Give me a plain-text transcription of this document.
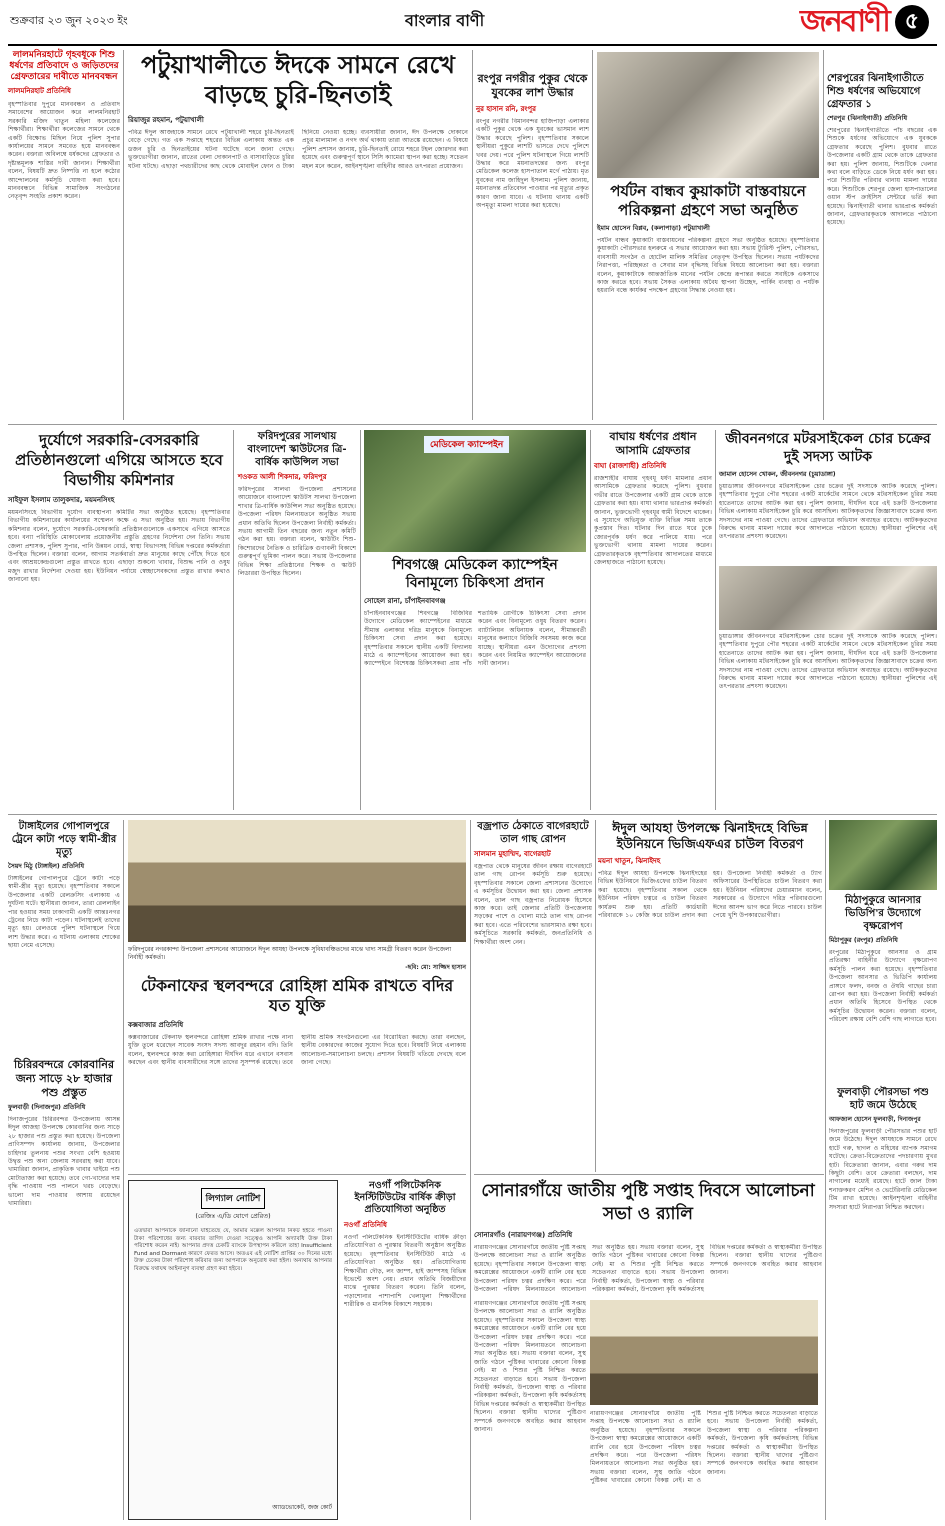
শুক্রবার ২৩ জুন ২০২৩ ইং	বাংলার বাণী	জনবাণী ৫
লালমনিরহাটে গৃহবধূকে শিশু ধর্ষণের প্রতিবাদে ও জড়িতদের গ্রেফতারের দাবীতে মানববন্ধন
লালমনিরহাট প্রতিনিধি
বৃহস্পতিবার দুপুরে মানববন্ধন ও প্রতিবাদ সমাবেশের আয়োজন করে লালমনিরহাট সরকারি মজিদ খাতুন মহিলা কলেজের শিক্ষার্থীরা। শিক্ষার্থীরা কলেজের সামনে থেকে একটি বিক্ষোভ মিছিল নিয়ে পুলিশ সুপার কার্যালয়ের সামনে সমবেত হয়ে মানববন্ধন করেন। বক্তারা অবিলম্বে ধর্ষকদের গ্রেফতার ও দৃষ্টান্তমূলক শাস্তির দাবী জানান। শিক্ষার্থীরা বলেন, বিষয়টি দ্রুত নিষ্পত্তি না হলে কঠোর আন্দোলনের কর্মসূচি ঘোষণা করা হবে। মানববন্ধনে বিভিন্ন সামাজিক সংগঠনের নেতৃবৃন্দ সংহতি প্রকাশ করেন।
পটুয়াখালীতে ঈদকে সামনে রেখে বাড়ছে চুরি-ছিনতাই
রিয়াজুর রহমান, পটুয়াখালী
পবিত্র ঈদুল আজহাকে সামনে রেখে পটুয়াখালী শহরে চুরি-ছিনতাই বেড়ে গেছে। গত এক সপ্তাহে শহরের বিভিন্ন এলাকায় অন্তত এক ডজন চুরি ও ছিনতাইয়ের ঘটনা ঘটেছে বলে জানা গেছে। ভুক্তভোগীরা জানান, রাতের বেলা দোকানপাট ও বাসাবাড়িতে চুরির ঘটনা ঘটছে। এছাড়া পথচারীদের কাছ থেকে মোবাইল ফোন ও টাকা ছিনিয়ে নেওয়া হচ্ছে। ব্যবসায়ীরা জানান, ঈদ উপলক্ষে দোকানে প্রচুর মালামাল ও নগদ অর্থ থাকায় তারা আতঙ্কে রয়েছেন। এ বিষয়ে পুলিশ প্রশাসন জানায়, চুরি-ছিনতাই রোধে শহরে টহল জোরদার করা হয়েছে এবং গুরুত্বপূর্ণ স্থানে সিসি ক্যামেরা স্থাপন করা হচ্ছে। সচেতন মহল মনে করেন, আইনশৃঙ্খলা বাহিনীর আরও তৎপরতা প্রয়োজন।
রংপুর নগরীর পুকুর থেকে যুবকের লাশ উদ্ধার
নুর হাসান রনি, রংপুর
রংপুর নগরীর বিমানবন্দর হাজিপাড়া এলাকার একটি পুকুর থেকে এক যুবকের ভাসমান লাশ উদ্ধার করেছে পুলিশ। বৃহস্পতিবার সকালে স্থানীয়রা পুকুরে লাশটি ভাসতে দেখে পুলিশে খবর দেয়। পরে পুলিশ ঘটনাস্থলে গিয়ে লাশটি উদ্ধার করে ময়নাতদন্তের জন্য রংপুর মেডিকেল কলেজ হাসপাতাল মর্গে পাঠায়। মৃত যুবকের নাম জাহিদুল ইসলাম। পুলিশ জানায়, ময়নাতদন্ত প্রতিবেদন পাওয়ার পর মৃত্যুর প্রকৃত কারণ জানা যাবে। এ ঘটনায় থানায় একটি অপমৃত্যু মামলা দায়ের করা হয়েছে।
পর্যটন বান্ধব কুয়াকাটা বাস্তবায়নে পরিকল্পনা গ্রহণে সভা অনুষ্ঠিত
ইমাম হোসেন বিপ্লব, (কলাপাড়া) পটুয়াখালী
পর্যটন বান্ধব কুয়াকাটা বাস্তবায়নের পরিকল্পনা গ্রহণে সভা অনুষ্ঠিত হয়েছে। বৃহস্পতিবার কুয়াকাটা পৌরসভার হলরুমে এ সভার আয়োজন করা হয়। সভায় ট্যুরিস্ট পুলিশ, পৌরসভা, ব্যবসায়ী সংগঠন ও হোটেল মালিক সমিতির নেতৃবৃন্দ উপস্থিত ছিলেন। সভায় পর্যটকদের নিরাপত্তা, পরিচ্ছন্নতা ও সেবার মান বৃদ্ধিসহ বিভিন্ন বিষয়ে আলোচনা করা হয়। বক্তারা বলেন, কুয়াকাটাকে আন্তর্জাতিক মানের পর্যটন কেন্দ্রে রূপান্তর করতে সবাইকে একসাথে কাজ করতে হবে। সভায় সৈকত এলাকায় অবৈধ স্থাপনা উচ্ছেদ, পার্কিং ব্যবস্থা ও পর্যটক হয়রানি বন্ধে কার্যকর পদক্ষেপ গ্রহণের সিদ্ধান্ত নেওয়া হয়।
শেরপুরের ঝিনাইগাতীতে শিশু ধর্ষণের অভিযোগে গ্রেফতার ১
শেরপুর (ঝিনাইগাতী) প্রতিনিধি
শেরপুরের ঝিনাইগাতীতে পাঁচ বছরের এক শিশুকে ধর্ষণের অভিযোগে এক যুবককে গ্রেফতার করেছে পুলিশ। বুধবার রাতে উপজেলার একটি গ্রাম থেকে তাকে গ্রেফতার করা হয়। পুলিশ জানায়, শিশুটিকে খেলার কথা বলে বাড়িতে ডেকে নিয়ে ধর্ষণ করা হয়। পরে শিশুটির পরিবার থানায় মামলা দায়ের করে। শিশুটিকে শেরপুর জেলা হাসপাতালের ওয়ান স্টপ ক্রাইসিস সেন্টারে ভর্তি করা হয়েছে। ঝিনাইগাতী থানার ভারপ্রাপ্ত কর্মকর্তা জানান, গ্রেফতারকৃতকে আদালতে পাঠানো হয়েছে।
দুর্যোগে সরকারি-বেসরকারি প্রতিষ্ঠানগুলো এগিয়ে আসতে হবে বিভাগীয় কমিশনার
সাইফুল ইসলাম তালুকদার, ময়মনসিংহ
ময়মনসিংহে বিভাগীয় দুর্যোগ ব্যবস্থাপনা কমিটির সভা অনুষ্ঠিত হয়েছে। বৃহস্পতিবার বিভাগীয় কমিশনারের কার্যালয়ের সম্মেলন কক্ষে এ সভা অনুষ্ঠিত হয়। সভায় বিভাগীয় কমিশনার বলেন, দুর্যোগে সরকারি-বেসরকারি প্রতিষ্ঠানগুলোকে একসাথে এগিয়ে আসতে হবে। বন্যা পরিস্থিতি মোকাবেলায় প্রয়োজনীয় প্রস্তুতি গ্রহণের নির্দেশনা দেন তিনি। সভায় জেলা প্রশাসক, পুলিশ সুপার, পানি উন্নয়ন বোর্ড, স্বাস্থ্য বিভাগসহ বিভিন্ন দপ্তরের কর্মকর্তারা উপস্থিত ছিলেন। বক্তারা বলেন, আগাম সতর্কবার্তা দ্রুত মানুষের কাছে পৌঁছে দিতে হবে এবং আশ্রয়কেন্দ্রগুলো প্রস্তুত রাখতে হবে। এছাড়া শুকনো খাবার, বিশুদ্ধ পানি ও ওষুধ মজুদ রাখার নির্দেশনা দেওয়া হয়। ইউনিয়ন পর্যায়ে স্বেচ্ছাসেবকদের প্রস্তুত রাখার কথাও জানানো হয়।
ফরিদপুরের সালথায় বাংলাদেশ স্কাউটসের ত্রি-বার্ষিক কাউন্সিল সভা
শওকত আলী শিকদার, ফরিদপুর
ফরিদপুরের সালথা উপজেলা প্রশাসনের আয়োজনে বাংলাদেশ স্কাউটস সালথা উপজেলা শাখার ত্রি-বার্ষিক কাউন্সিল সভা অনুষ্ঠিত হয়েছে। উপজেলা পরিষদ মিলনায়তনে অনুষ্ঠিত সভায় প্রধান অতিথি ছিলেন উপজেলা নির্বাহী কর্মকর্তা। সভায় আগামী তিন বছরের জন্য নতুন কমিটি গঠন করা হয়। বক্তারা বলেন, স্কাউটিং শিশু-কিশোরদের নৈতিক ও চারিত্রিক গুণাবলী বিকাশে গুরুত্বপূর্ণ ভূমিকা পালন করে। সভায় উপজেলার বিভিন্ন শিক্ষা প্রতিষ্ঠানের শিক্ষক ও স্কাউট লিডাররা উপস্থিত ছিলেন।
মেডিকেল ক্যাম্পেইন
শিবগঞ্জে মেডিকেল ক্যাম্পেইন বিনামূল্যে চিকিৎসা প্রদান
সোহেল রানা, চাঁপাইনবাবগঞ্জ
চাঁপাইনবাবগঞ্জের শিবগঞ্জে বিজিবির উদ্যোগে মেডিকেল ক্যাম্পেইনের মাধ্যমে সীমান্ত এলাকার দরিদ্র মানুষকে বিনামূল্যে চিকিৎসা সেবা প্রদান করা হয়েছে। বৃহস্পতিবার সকালে স্থানীয় একটি বিদ্যালয় মাঠে এ ক্যাম্পেইনের আয়োজন করা হয়। ক্যাম্পেইনে বিশেষজ্ঞ চিকিৎসকরা প্রায় পাঁচ শতাধিক রোগীকে চিকিৎসা সেবা প্রদান করেন এবং বিনামূল্যে ওষুধ বিতরণ করেন। ব্যাটালিয়ন অধিনায়ক বলেন, সীমান্তবর্তী মানুষের কল্যাণে বিজিবি সবসময় কাজ করে যাচ্ছে। স্থানীয়রা এমন উদ্যোগের প্রশংসা করেন এবং নিয়মিত ক্যাম্পেইন আয়োজনের দাবী জানান।
বাঘায় ধর্ষণের প্রধান আসামি গ্রেফতার
বাঘা (রাজশাহী) প্রতিনিধি
রাজশাহীর বাঘায় গৃহবধূ ধর্ষণ মামলার প্রধান আসামিকে গ্রেফতার করেছে পুলিশ। বুধবার গভীর রাতে উপজেলার একটি গ্রাম থেকে তাকে গ্রেফতার করা হয়। বাঘা থানার ভারপ্রাপ্ত কর্মকর্তা জানান, ভুক্তভোগী গৃহবধূর স্বামী বিদেশে থাকেন। এ সুযোগে অভিযুক্ত ব্যক্তি বিভিন্ন সময় তাকে কুপ্রস্তাব দিত। ঘটনার দিন রাতে ঘরে ঢুকে জোরপূর্বক ধর্ষণ করে পালিয়ে যায়। পরে ভুক্তভোগী থানায় মামলা দায়ের করেন। গ্রেফতারকৃতকে বৃহস্পতিবার আদালতের মাধ্যমে জেলহাজতে পাঠানো হয়েছে।
জীবননগরে মটরসাইকেল চোর চক্রের দুই সদস্য আটক
জামাল হোসেন খোকন, জীবননগর (চুয়াডাঙ্গা)
চুয়াডাঙ্গার জীবননগরে মটরসাইকেল চোর চক্রের দুই সদস্যকে আটক করেছে পুলিশ। বৃহস্পতিবার দুপুরে পৌর শহরের একটি মার্কেটের সামনে থেকে মটরসাইকেল চুরির সময় হাতেনাতে তাদের আটক করা হয়। পুলিশ জানায়, দীর্ঘদিন ধরে এই চক্রটি উপজেলার বিভিন্ন এলাকায় মটরসাইকেল চুরি করে আসছিল। আটককৃতদের জিজ্ঞাসাবাদে চক্রের অন্য সদস্যদের নাম পাওয়া গেছে। তাদের গ্রেফতারে অভিযান অব্যাহত রয়েছে। আটককৃতদের বিরুদ্ধে থানায় মামলা দায়ের করে আদালতে পাঠানো হয়েছে। স্থানীয়রা পুলিশের এই তৎপরতার প্রশংসা করেছেন।
চুয়াডাঙ্গার জীবননগরে মটরসাইকেল চোর চক্রের দুই সদস্যকে আটক করেছে পুলিশ। বৃহস্পতিবার দুপুরে পৌর শহরের একটি মার্কেটের সামনে থেকে মটরসাইকেল চুরির সময় হাতেনাতে তাদের আটক করা হয়। পুলিশ জানায়, দীর্ঘদিন ধরে এই চক্রটি উপজেলার বিভিন্ন এলাকায় মটরসাইকেল চুরি করে আসছিল। আটককৃতদের জিজ্ঞাসাবাদে চক্রের অন্য সদস্যদের নাম পাওয়া গেছে। তাদের গ্রেফতারে অভিযান অব্যাহত রয়েছে। আটককৃতদের বিরুদ্ধে থানায় মামলা দায়ের করে আদালতে পাঠানো হয়েছে। স্থানীয়রা পুলিশের এই তৎপরতার প্রশংসা করেছেন।
টাঙ্গাইলের গোপালপুরে ট্রেনে কাটা পড়ে স্বামী-স্ত্রীর মৃত্যু
সৈয়দ মিঠু (টাঙ্গাইল) প্রতিনিধি
টাঙ্গাইলের গোপালপুরে ট্রেনে কাটা পড়ে স্বামী-স্ত্রীর মৃত্যু হয়েছে। বৃহস্পতিবার সকালে উপজেলার একটি রেলক্রসিং এলাকায় এ দুর্ঘটনা ঘটে। স্থানীয়রা জানান, তারা রেললাইন পার হওয়ার সময় ঢাকাগামী একটি আন্তঃনগর ট্রেনের নিচে কাটা পড়েন। ঘটনাস্থলেই তাদের মৃত্যু হয়। রেলওয়ে পুলিশ ঘটনাস্থলে গিয়ে লাশ উদ্ধার করে। এ ঘটনায় এলাকায় শোকের ছায়া নেমে এসেছে।
চিরিরবন্দরে কোরবানির জন্য সাড়ে ২৮ হাজার পশু প্রস্তুত
ফুলবাড়ী (দিনাজপুর) প্রতিনিধি
দিনাজপুরের চিরিরবন্দর উপজেলায় আসন্ন ঈদুল আজহা উপলক্ষে কোরবানির জন্য সাড়ে ২৮ হাজার পশু প্রস্তুত করা হয়েছে। উপজেলা প্রাণিসম্পদ কার্যালয় জানায়, উপজেলার চাহিদার তুলনায় পশুর সংখ্যা বেশি হওয়ায় উদ্বৃত্ত পশু অন্য জেলায় সরবরাহ করা যাবে। খামারিরা জানান, প্রাকৃতিক খাবার খাইয়ে পশু মোটাতাজা করা হয়েছে। তবে গো-খাদ্যের দাম বৃদ্ধি পাওয়ায় পশু পালনে খরচ বেড়েছে। ভালো দাম পাওয়ার আশায় রয়েছেন খামারিরা।
ফরিদপুরের নগরকান্দা উপজেলা প্রশাসনের আয়োজনে ঈদুল আযহা উপলক্ষে সুবিধাবঞ্চিতদের মাঝে খাদ্য সামগ্রী বিতরণ করেন উপজেলা নির্বাহী কর্মকর্তা।
-ছবি: মো: সাজ্জিদ হাসান
টেকনাফের স্থলবন্দরে রোহিঙ্গা শ্রমিক রাখতে বদির যত যুক্তি
কক্সবাজার প্রতিনিধি
কক্সবাজারের টেকনাফ স্থলবন্দরে রোহিঙ্গা শ্রমিক রাখার পক্ষে নানা যুক্তি তুলে ধরেছেন সাবেক সংসদ সদস্য আবদুর রহমান বদি। তিনি বলেন, স্থলবন্দরে কাজ করা রোহিঙ্গারা দীর্ঘদিন ধরে এখানে বসবাস করছেন এবং স্থানীয় ব্যবসায়ীদের সঙ্গে তাদের সুসম্পর্ক রয়েছে। তবে স্থানীয় শ্রমিক সংগঠনগুলো এর বিরোধিতা করছে। তারা বলছেন, স্থানীয় বেকারদের কাজের সুযোগ দিতে হবে। বিষয়টি নিয়ে এলাকায় আলোচনা-সমালোচনা চলছে। প্রশাসন বিষয়টি খতিয়ে দেখছে বলে জানা গেছে।
লিগ্যাল নোটিশ
(রেজিঃ এ/ডি যোগে প্রেরিত)
এতদ্বারা আপনাকে জানানো যাইতেছে যে, আমার মক্কেল আপনার নিকট হইতে পাওনা টাকা পরিশোধের জন্য বারবার তাগিদ দেওয়া সত্ত্বেও আপনি অদ্যাবধি উক্ত টাকা পরিশোধ করেন নাই। আপনার প্রদত্ত চেকটি ব্যাংকে উপস্থাপন করিলে তাহা Insufficient Fund and Dormant কারণে ফেরত আসে। অতএব এই নোটিশ প্রাপ্তির ৩০ দিনের মধ্যে উক্ত চেকের টাকা পরিশোধ করিবার জন্য আপনাকে অনুরোধ করা হইল। অন্যথায় আপনার বিরুদ্ধে যথাযথ আইনানুগ ব্যবস্থা গ্রহণ করা হইবে।
অ্যাডভোকেট, জজ কোর্ট
নওগাঁ পলিটেকনিক ইনস্টিটিউটের বার্ষিক ক্রীড়া প্রতিযোগিতা অনুষ্ঠিত
নওগাঁ প্রতিনিধি
নওগাঁ পলিটেকনিক ইনস্টিটিউটের বার্ষিক ক্রীড়া প্রতিযোগিতা ও পুরস্কার বিতরণী অনুষ্ঠান অনুষ্ঠিত হয়েছে। বৃহস্পতিবার ইনস্টিটিউট মাঠে এ প্রতিযোগিতা অনুষ্ঠিত হয়। প্রতিযোগিতায় শিক্ষার্থীরা দৌড়, লং জাম্প, হাই জাম্পসহ বিভিন্ন ইভেন্টে অংশ নেয়। প্রধান অতিথি বিজয়ীদের মাঝে পুরস্কার বিতরণ করেন। তিনি বলেন, পড়াশোনার পাশাপাশি খেলাধুলা শিক্ষার্থীদের শারীরিক ও মানসিক বিকাশে সহায়ক।
বজ্রপাত ঠেকাতে বাগেরহাটে তাল গাছ রোপন
সালমান মুহাম্মিদ, বাগেরহাট
বজ্রপাত থেকে মানুষের জীবন রক্ষায় বাগেরহাটে তাল গাছ রোপন কর্মসূচি শুরু হয়েছে। বৃহস্পতিবার সকালে জেলা প্রশাসনের উদ্যোগে এ কর্মসূচির উদ্বোধন করা হয়। জেলা প্রশাসক বলেন, তাল গাছ বজ্রপাত নিরোধক হিসেবে কাজ করে। তাই জেলার প্রতিটি উপজেলায় সড়কের পাশে ও খোলা মাঠে তাল গাছ রোপন করা হবে। এতে পরিবেশের ভারসাম্যও রক্ষা হবে। কর্মসূচিতে সরকারি কর্মকর্তা, জনপ্রতিনিধি ও শিক্ষার্থীরা অংশ নেন।
ঈদুল আযহা উপলক্ষে ঝিনাইদহে বিভিন্ন ইউনিয়নে ভিজিএফএর চাউল বিতরণ
ময়না খাতুন, ঝিনাইদহ
পবিত্র ঈদুল আযহা উপলক্ষে ঝিনাইদহের বিভিন্ন ইউনিয়নে ভিজিএফের চাউল বিতরণ করা হয়েছে। বৃহস্পতিবার সকাল থেকে ইউনিয়ন পরিষদ চত্বরে এ চাউল বিতরণ কার্যক্রম শুরু হয়। প্রতিটি কার্ডধারী পরিবারকে ১০ কেজি করে চাউল প্রদান করা হয়। উপজেলা নির্বাহী কর্মকর্তা ও ট্যাগ অফিসারের উপস্থিতিতে চাউল বিতরণ করা হয়। ইউনিয়ন পরিষদের চেয়ারম্যান বলেন, সরকারের এ উদ্যোগে দরিদ্র পরিবারগুলো ঈদের আনন্দ ভাগ করে নিতে পারবে। চাউল পেয়ে খুশি উপকারভোগীরা।
মিঠাপুকুরে আনসার ভিডিপি'র উদ্যোগে বৃক্ষরোপণ
মিঠাপুকুর (রংপুর) প্রতিনিধি
রংপুরের মিঠাপুকুরে আনসার ও গ্রাম প্রতিরক্ষা বাহিনীর উদ্যোগে বৃক্ষরোপণ কর্মসূচি পালন করা হয়েছে। বৃহস্পতিবার উপজেলা আনসার ও ভিডিপি কার্যালয় প্রাঙ্গণে ফলদ, বনজ ও ঔষধি গাছের চারা রোপন করা হয়। উপজেলা নির্বাহী কর্মকর্তা প্রধান অতিথি হিসেবে উপস্থিত থেকে কর্মসূচির উদ্বোধন করেন। বক্তারা বলেন, পরিবেশ রক্ষায় বেশি বেশি গাছ লাগাতে হবে।
ফুলবাড়ী পৌরসভা পশু হাট জমে উঠেছে
আফজাল হোসেন ফুলবাড়ী, দিনাজপুর
দিনাজপুরের ফুলবাড়ী পৌরসভার পশুর হাট জমে উঠেছে। ঈদুল আযহাকে সামনে রেখে হাটে গরু, ছাগল ও মহিষের ব্যাপক সমাগম ঘটেছে। ক্রেতা-বিক্রেতাদের পদচারণায় মুখর হাট। বিক্রেতারা জানান, এবার গরুর দাম কিছুটা বেশি। তবে ক্রেতারা বলছেন, দাম নাগালের মধ্যেই রয়েছে। হাটে জাল টাকা শনাক্তকরণ মেশিন ও ভেটেরিনারি মেডিকেল টিম রাখা হয়েছে। আইনশৃঙ্খলা বাহিনীর সদস্যরা হাটে নিরাপত্তা নিশ্চিত করছেন।
সোনারগাঁয়ে জাতীয় পুষ্টি সপ্তাহ দিবসে আলোচনা সভা ও র‍্যালি
সোনারগাঁও (নারায়ণগঞ্জ) প্রতিনিধি
নারায়ণগঞ্জের সোনারগাঁয়ে জাতীয় পুষ্টি সপ্তাহ উপলক্ষে আলোচনা সভা ও র‍্যালি অনুষ্ঠিত হয়েছে। বৃহস্পতিবার সকালে উপজেলা স্বাস্থ্য কমপ্লেক্সের আয়োজনে একটি র‍্যালি বের হয়ে উপজেলা পরিষদ চত্বর প্রদক্ষিণ করে। পরে উপজেলা পরিষদ মিলনায়তনে আলোচনা সভা অনুষ্ঠিত হয়। সভায় বক্তারা বলেন, সুস্থ জাতি গঠনে পুষ্টিকর খাবারের কোনো বিকল্প নেই। মা ও শিশুর পুষ্টি নিশ্চিত করতে সচেতনতা বাড়াতে হবে। সভায় উপজেলা নির্বাহী কর্মকর্তা, উপজেলা স্বাস্থ্য ও পরিবার পরিকল্পনা কর্মকর্তা, উপজেলা কৃষি কর্মকর্তাসহ বিভিন্ন দপ্তরের কর্মকর্তা ও স্বাস্থ্যকর্মীরা উপস্থিত ছিলেন। বক্তারা স্থানীয় খাদ্যের পুষ্টিগুণ সম্পর্কে জনগণকে অবহিত করার আহবান জানান।
নারায়ণগঞ্জের সোনারগাঁয়ে জাতীয় পুষ্টি সপ্তাহ উপলক্ষে আলোচনা সভা ও র‍্যালি অনুষ্ঠিত হয়েছে। বৃহস্পতিবার সকালে উপজেলা স্বাস্থ্য কমপ্লেক্সের আয়োজনে একটি র‍্যালি বের হয়ে উপজেলা পরিষদ চত্বর প্রদক্ষিণ করে। পরে উপজেলা পরিষদ মিলনায়তনে আলোচনা সভা অনুষ্ঠিত হয়। সভায় বক্তারা বলেন, সুস্থ জাতি গঠনে পুষ্টিকর খাবারের কোনো বিকল্প নেই। মা ও শিশুর পুষ্টি নিশ্চিত করতে সচেতনতা বাড়াতে হবে। সভায় উপজেলা নির্বাহী কর্মকর্তা, উপজেলা স্বাস্থ্য ও পরিবার পরিকল্পনা কর্মকর্তা, উপজেলা কৃষি কর্মকর্তাসহ বিভিন্ন দপ্তরের কর্মকর্তা ও স্বাস্থ্যকর্মীরা উপস্থিত ছিলেন। বক্তারা স্থানীয় খাদ্যের পুষ্টিগুণ সম্পর্কে জনগণকে অবহিত করার আহবান জানান।
নারায়ণগঞ্জের সোনারগাঁয়ে জাতীয় পুষ্টি সপ্তাহ উপলক্ষে আলোচনা সভা ও র‍্যালি অনুষ্ঠিত হয়েছে। বৃহস্পতিবার সকালে উপজেলা স্বাস্থ্য কমপ্লেক্সের আয়োজনে একটি র‍্যালি বের হয়ে উপজেলা পরিষদ চত্বর প্রদক্ষিণ করে। পরে উপজেলা পরিষদ মিলনায়তনে আলোচনা সভা অনুষ্ঠিত হয়। সভায় বক্তারা বলেন, সুস্থ জাতি গঠনে পুষ্টিকর খাবারের কোনো বিকল্প নেই। মা ও শিশুর পুষ্টি নিশ্চিত করতে সচেতনতা বাড়াতে হবে। সভায় উপজেলা নির্বাহী কর্মকর্তা, উপজেলা স্বাস্থ্য ও পরিবার পরিকল্পনা কর্মকর্তা, উপজেলা কৃষি কর্মকর্তাসহ বিভিন্ন দপ্তরের কর্মকর্তা ও স্বাস্থ্যকর্মীরা উপস্থিত ছিলেন। বক্তারা স্থানীয় খাদ্যের পুষ্টিগুণ সম্পর্কে জনগণকে অবহিত করার আহবান জানান।
